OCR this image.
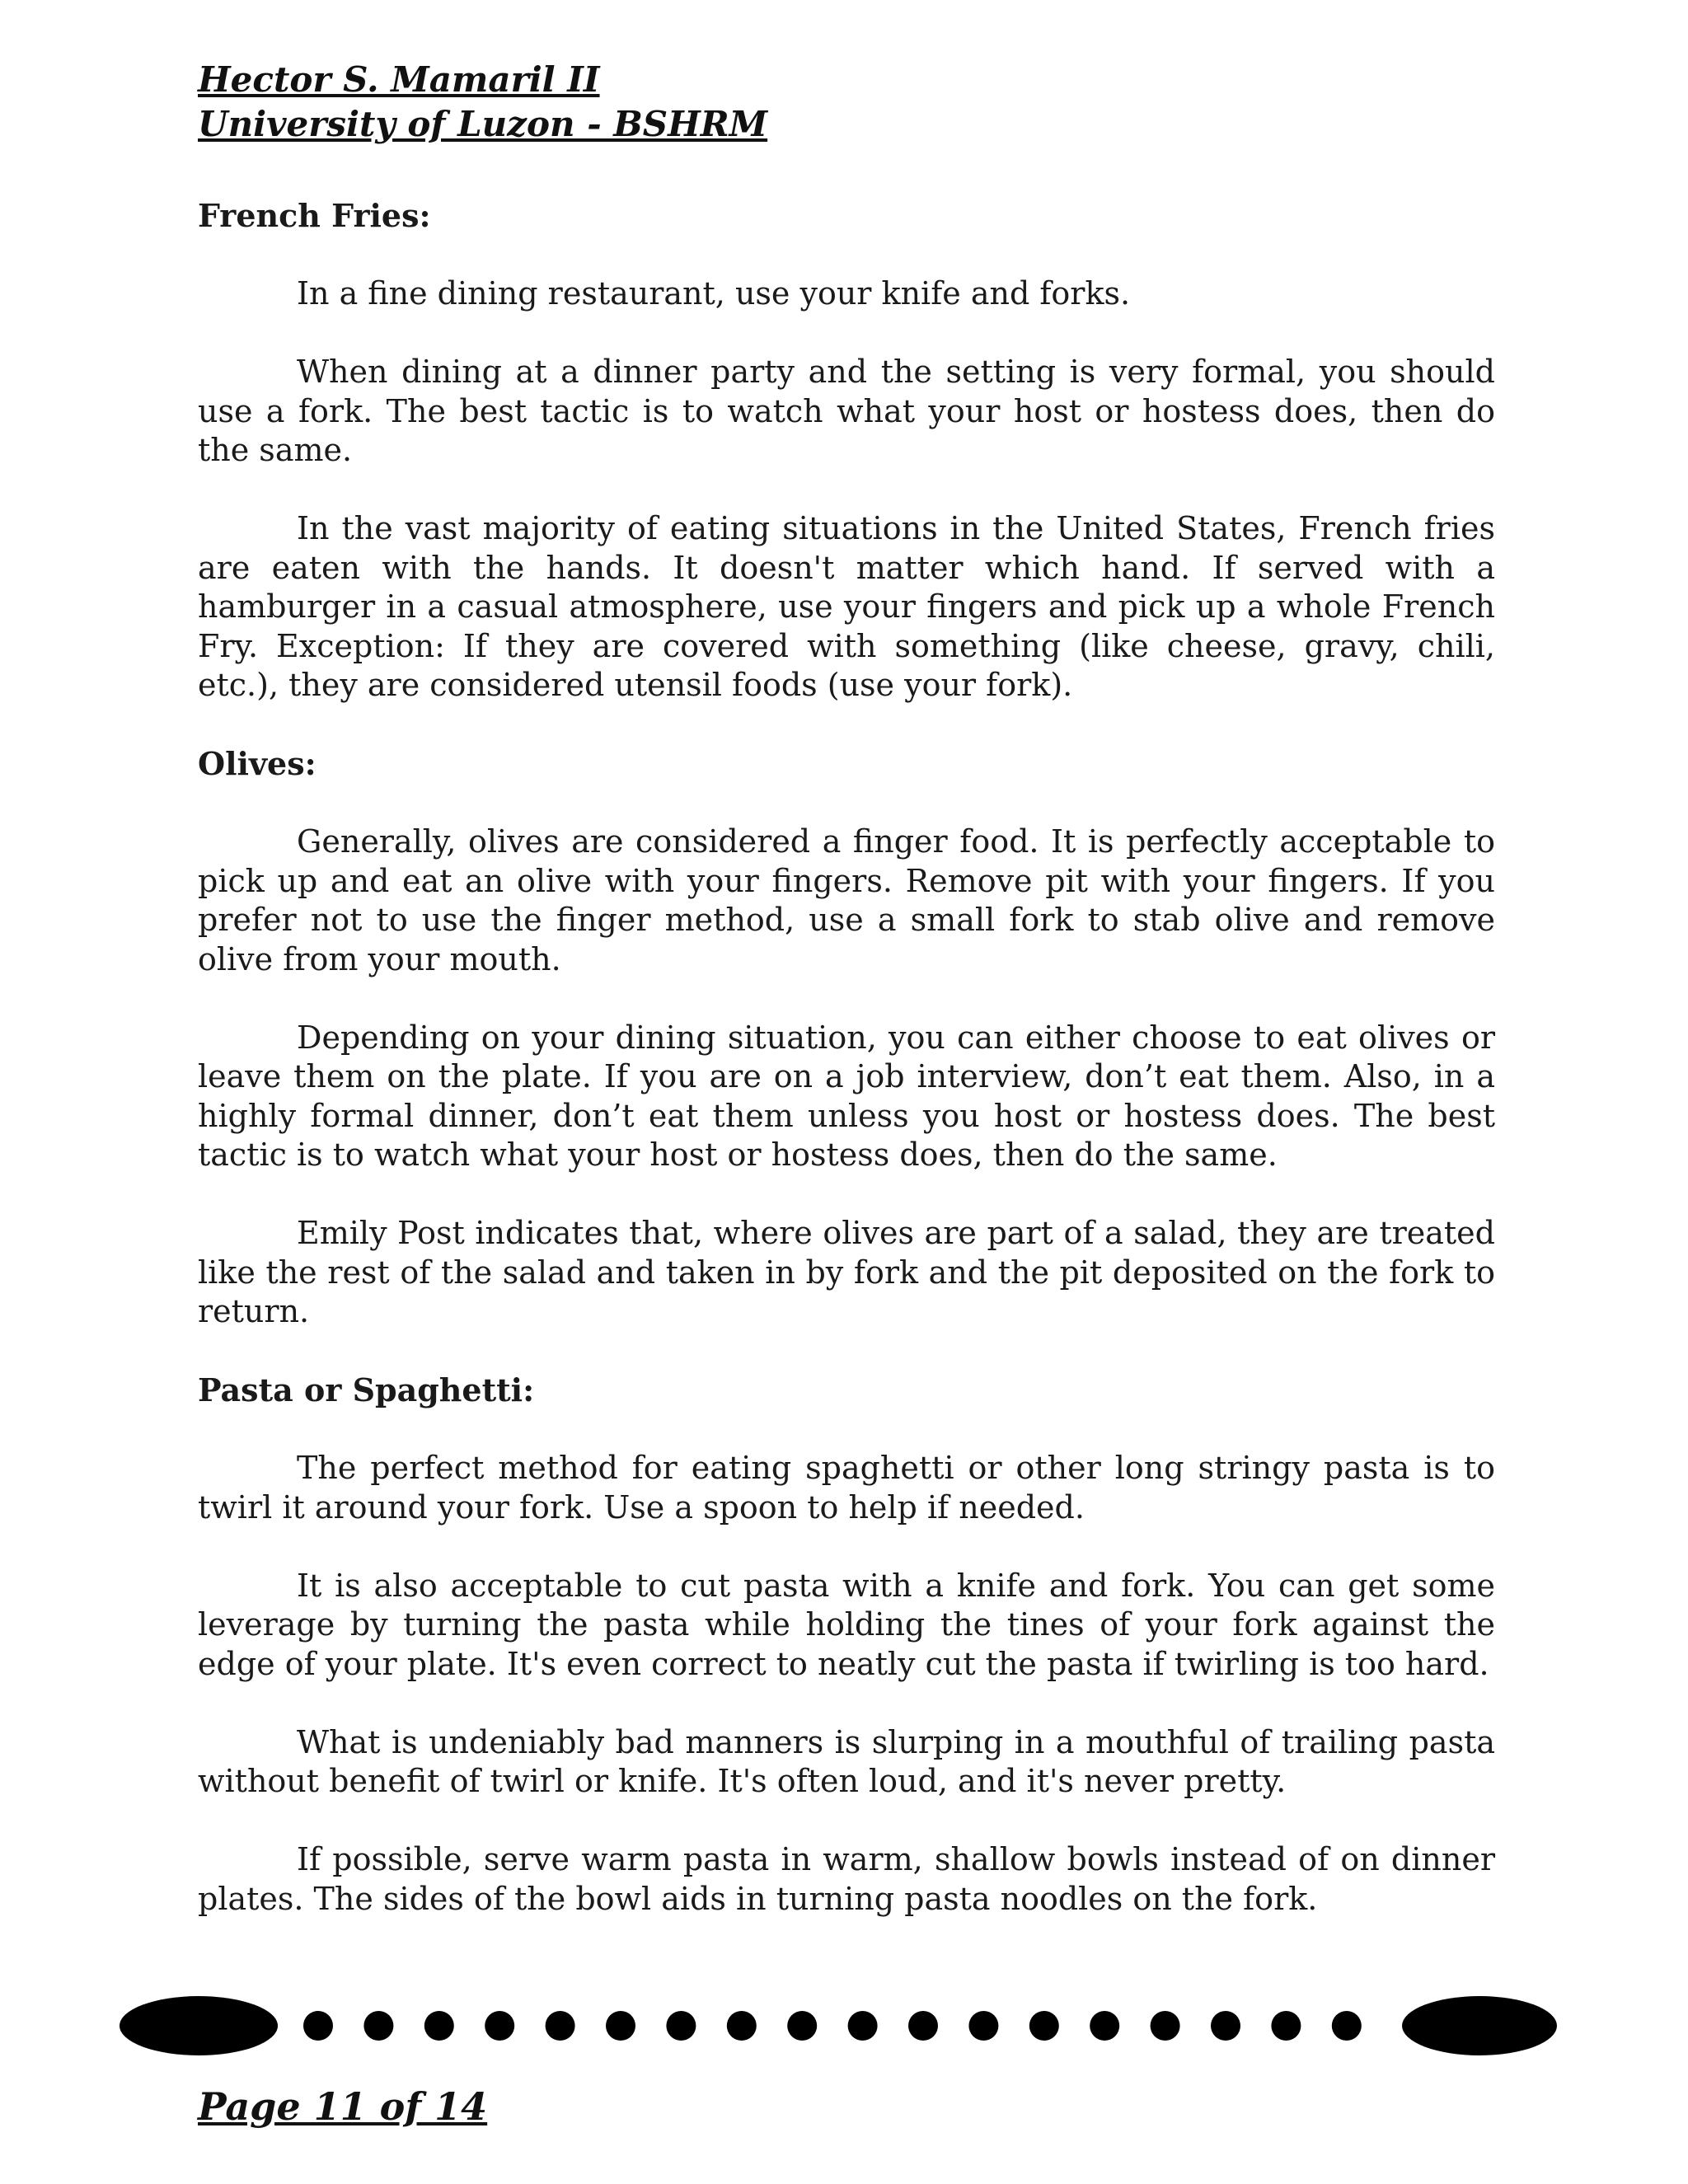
Hector S. Mamaril II
University of Luzon - BSHRM
French Fries:

In a fine dining restaurant, use your knife and forks.

When dining at a dinner party and the setting is very formal, you should use a fork. The best tactic is to watch what your host or hostess does, then do the same.

In the vast majority of eating situations in the United States, French fries are eaten with the hands. It doesn't matter which hand. If served with a hamburger in a casual atmosphere, use your fingers and pick up a whole French Fry. Exception: If they are covered with something (like cheese, gravy, chili, etc.), they are considered utensil foods (use your fork).

Olives:

Generally, olives are considered a finger food. It is perfectly acceptable to pick up and eat an olive with your fingers. Remove pit with your fingers. If you prefer not to use the finger method, use a small fork to stab olive and remove olive from your mouth.

Depending on your dining situation, you can either choose to eat olives or leave them on the plate. If you are on a job interview, don’t eat them. Also, in a highly formal dinner, don’t eat them unless you host or hostess does. The best tactic is to watch what your host or hostess does, then do the same.

Emily Post indicates that, where olives are part of a salad, they are treated like the rest of the salad and taken in by fork and the pit deposited on the fork to return.

Pasta or Spaghetti:

The perfect method for eating spaghetti or other long stringy pasta is to twirl it around your fork. Use a spoon to help if needed.

It is also acceptable to cut pasta with a knife and fork. You can get some leverage by turning the pasta while holding the tines of your fork against the edge of your plate. It's even correct to neatly cut the pasta if twirling is too hard.

What is undeniably bad manners is slurping in a mouthful of trailing pasta without benefit of twirl or knife. It's often loud, and it's never pretty.

If possible, serve warm pasta in warm, shallow bowls instead of on dinner plates. The sides of the bowl aids in turning pasta noodles on the fork.

Page 11 of 14
